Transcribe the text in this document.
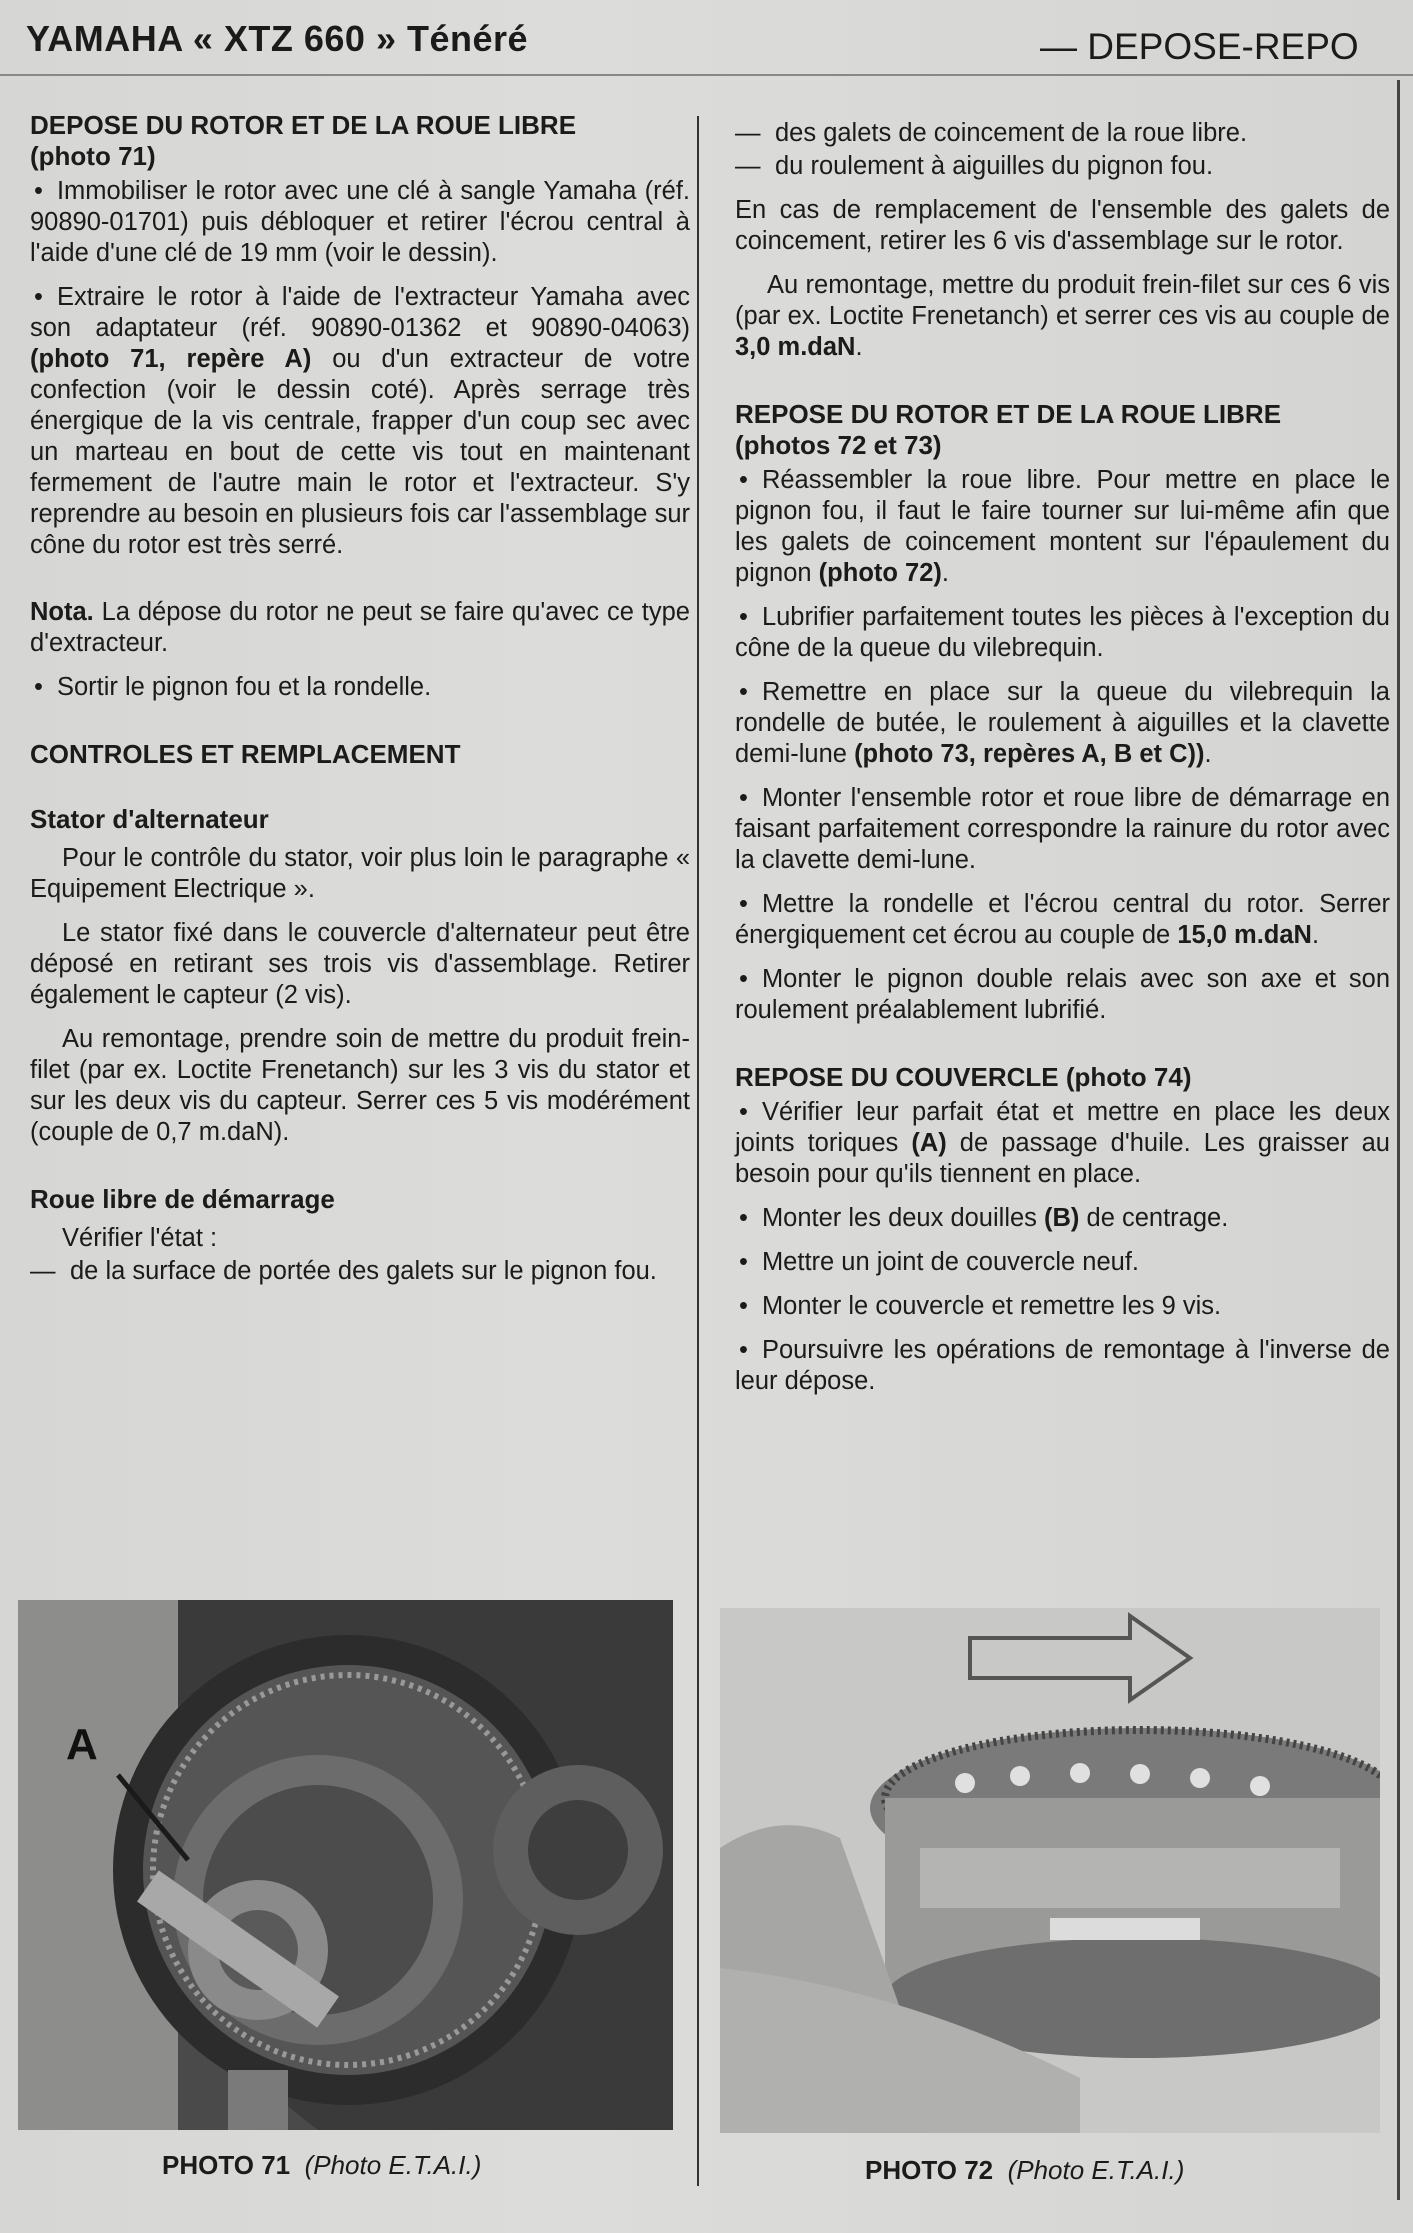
YAMAHA « XTZ 660 » Ténéré	— DEPOSE-REPO
DEPOSE DU ROTOR ET DE LA ROUE LIBRE
(photo 71)

• Immobiliser le rotor avec une clé à sangle Yamaha (réf. 90890-01701) puis débloquer et retirer l'écrou central à l'aide d'une clé de 19 mm (voir le dessin).

• Extraire le rotor à l'aide de l'extracteur Yamaha avec son adaptateur (réf. 90890-01362 et 90890-04063) (photo 71, repère A) ou d'un extracteur de votre confection (voir le dessin coté). Après serrage très énergique de la vis centrale, frapper d'un coup sec avec un marteau en bout de cette vis tout en maintenant fermement de l'autre main le rotor et l'extracteur. S'y reprendre au besoin en plusieurs fois car l'assemblage sur cône du rotor est très serré.

Nota. La dépose du rotor ne peut se faire qu'avec ce type d'extracteur.

• Sortir le pignon fou et la rondelle.

CONTROLES ET REMPLACEMENT
Stator d'alternateur

Pour le contrôle du stator, voir plus loin le paragraphe « Equipement Electrique ».

Le stator fixé dans le couvercle d'alternateur peut être déposé en retirant ses trois vis d'assemblage. Retirer également le capteur (2 vis).

Au remontage, prendre soin de mettre du produit frein-filet (par ex. Loctite Frenetanch) sur les 3 vis du stator et sur les deux vis du capteur. Serrer ces 5 vis modérément (couple de 0,7 m.daN).

Roue libre de démarrage

Vérifier l'état :

— de la surface de portée des galets sur le pignon fou.

— des galets de coincement de la roue libre.

— du roulement à aiguilles du pignon fou.

En cas de remplacement de l'ensemble des galets de coincement, retirer les 6 vis d'assemblage sur le rotor.

Au remontage, mettre du produit frein-filet sur ces 6 vis (par ex. Loctite Frenetanch) et serrer ces vis au couple de 3,0 m.daN.

REPOSE DU ROTOR ET DE LA ROUE LIBRE
(photos 72 et 73)

• Réassembler la roue libre. Pour mettre en place le pignon fou, il faut le faire tourner sur lui-même afin que les galets de coincement montent sur l'épaulement du pignon (photo 72).

• Lubrifier parfaitement toutes les pièces à l'exception du cône de la queue du vilebrequin.

• Remettre en place sur la queue du vilebrequin la rondelle de butée, le roulement à aiguilles et la clavette demi-lune (photo 73, repères A, B et C)).

• Monter l'ensemble rotor et roue libre de démarrage en faisant parfaitement correspondre la rainure du rotor avec la clavette demi-lune.

• Mettre la rondelle et l'écrou central du rotor. Serrer énergiquement cet écrou au couple de 15,0 m.daN.

• Monter le pignon double relais avec son axe et son roulement préalablement lubrifié.

REPOSE DU COUVERCLE (photo 74)

• Vérifier leur parfait état et mettre en place les deux joints toriques (A) de passage d'huile. Les graisser au besoin pour qu'ils tiennent en place.

• Monter les deux douilles (B) de centrage.

• Mettre un joint de couvercle neuf.

• Monter le couvercle et remettre les 9 vis.

• Poursuivre les opérations de remontage à l'inverse de leur dépose.

A
PHOTO 71 (Photo E.T.A.I.)	PHOTO 72 (Photo E.T.A.I.)
